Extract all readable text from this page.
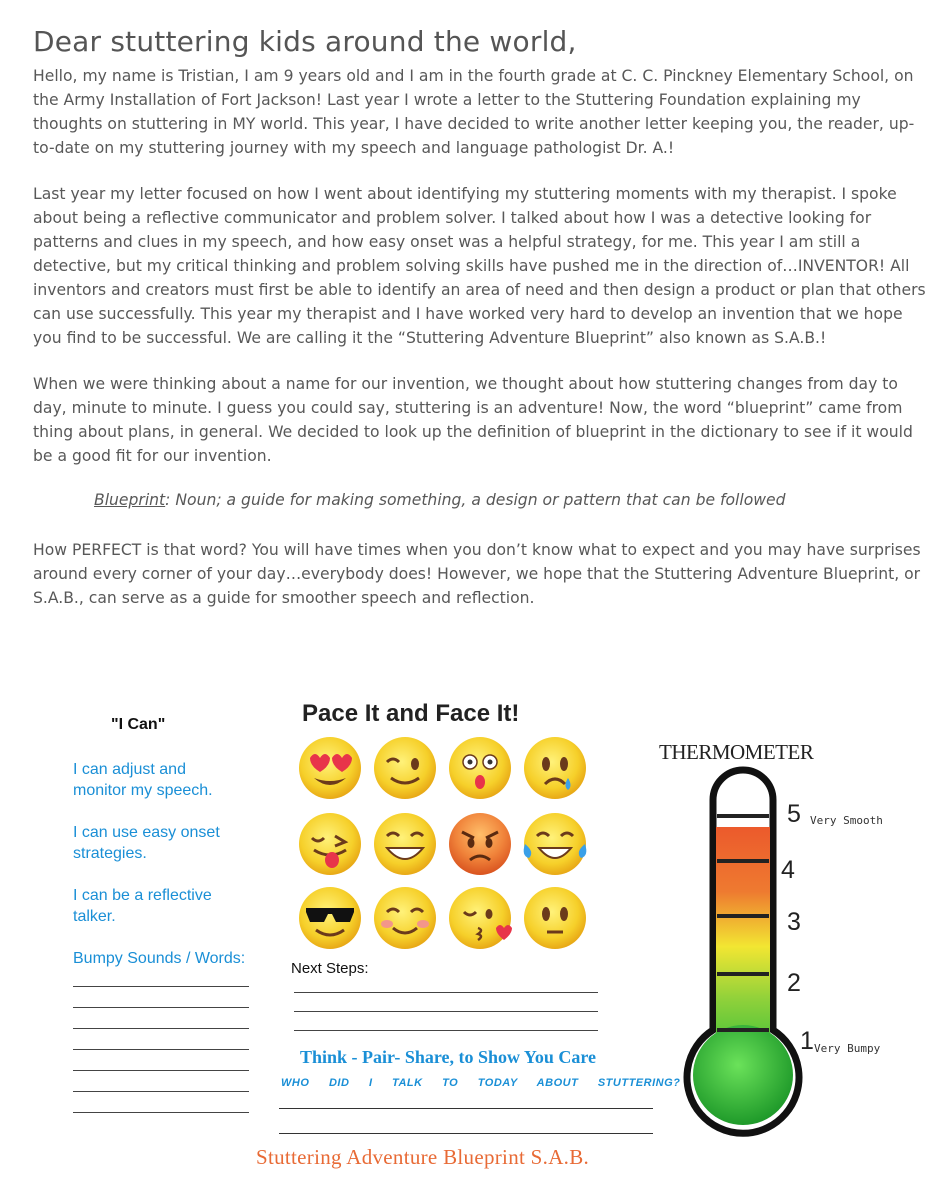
Dear stuttering kids around the world,

Hello, my name is Tristian, I am 9 years old and I am in the fourth grade at C. C. Pinckney Elementary School, on the Army Installation of Fort Jackson! Last year I wrote a letter to the Stuttering Foundation explaining my thoughts on stuttering in MY world. This year, I have decided to write another letter keeping you, the reader, up-to-date on my stuttering journey with my speech and language pathologist Dr. A.!

Last year my letter focused on how I went about identifying my stuttering moments with my therapist. I spoke about being a reflective communicator and problem solver. I talked about how I was a detective looking for patterns and clues in my speech, and how easy onset was a helpful strategy, for me. This year I am still a detective, but my critical thinking and problem solving skills have pushed me in the direction of…INVENTOR! All inventors and creators must first be able to identify an area of need and then design a product or plan that others can use successfully. This year my therapist and I have worked very hard to develop an invention that we hope you find to be successful. We are calling it the “Stuttering Adventure Blueprint” also known as S.A.B.!

When we were thinking about a name for our invention, we thought about how stuttering changes from day to day, minute to minute. I guess you could say, stuttering is an adventure! Now, the word “blueprint” came from thing about plans, in general. We decided to look up the definition of blueprint in the dictionary to see if it would be a good fit for our invention.

Blueprint: Noun; a guide for making something, a design or pattern that can be followed

How PERFECT is that word? You will have times when you don’t know what to expect and you may have surprises around every corner of your day…everybody does! However, we hope that the Stuttering Adventure Blueprint, or S.A.B., can serve as a guide for smoother speech and reflection.

"I Can"
I can adjust and monitor my speech.
I can use easy onset strategies.
I can be a reflective talker.
Bumpy Sounds / Words:
Pace It and Face It!
Next Steps:
Think - Pair- Share, to Show You Care
WHO DID I TALK TO TODAY ABOUT STUTTERING?
Stuttering Adventure Blueprint S.A.B.
THERMOMETER
5 Very Smooth
4
3
2
1 Very Bumpy
